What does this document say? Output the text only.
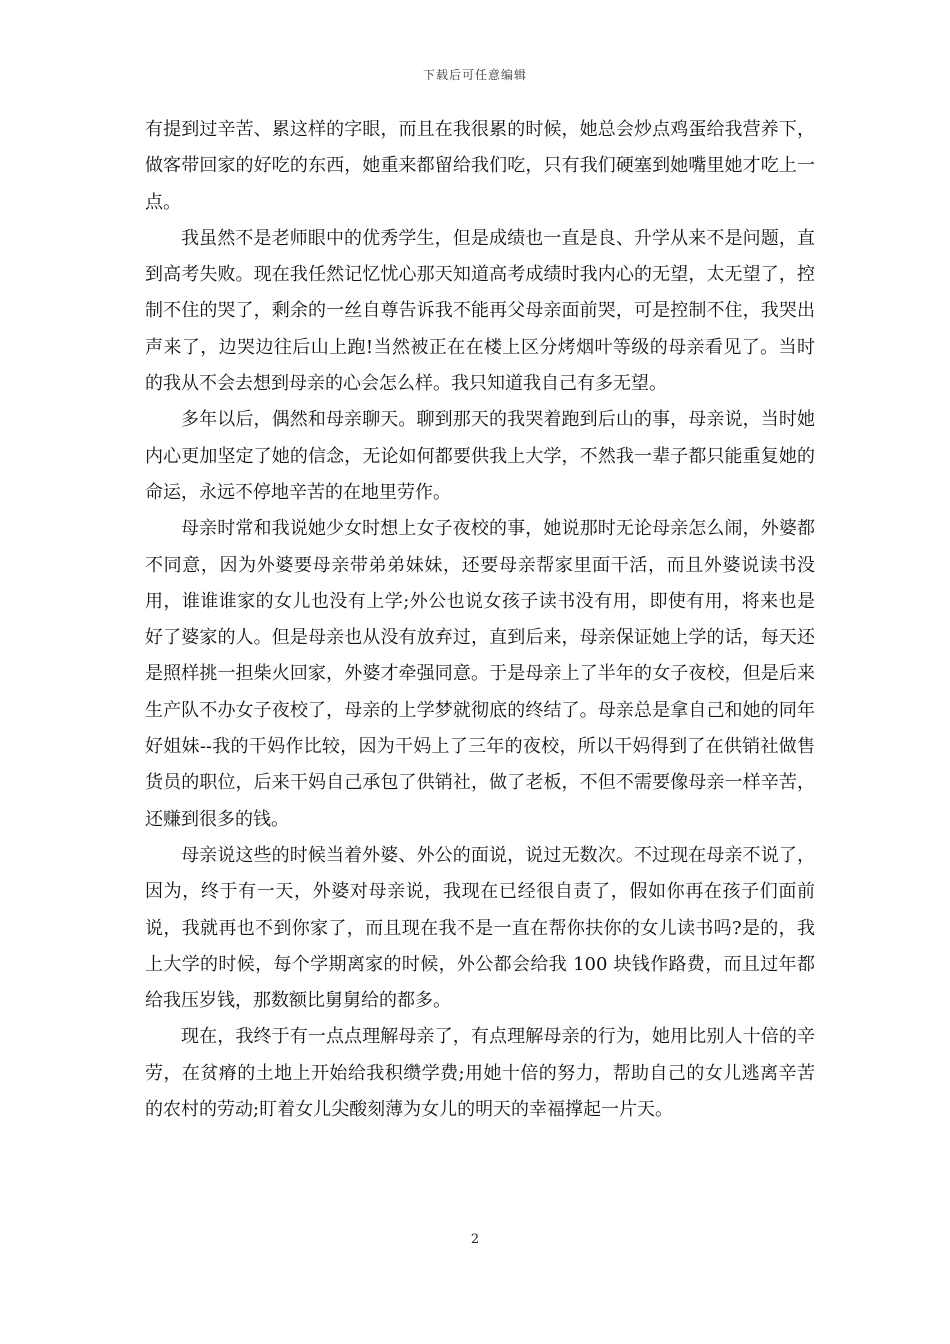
下载后可任意编辑

有提到过辛苦、累这样的字眼，而且在我很累的时候，她总会炒点鸡蛋给我营养下，做客带回家的好吃的东西，她重来都留给我们吃，只有我们硬塞到她嘴里她才吃上一点。

我虽然不是老师眼中的优秀学生，但是成绩也一直是良、升学从来不是问题，直到高考失败。现在我任然记忆忧心那天知道高考成绩时我内心的无望，太无望了，控制不住的哭了，剩余的一丝自尊告诉我不能再父母亲面前哭，可是控制不住，我哭出声来了，边哭边往后山上跑!当然被正在在楼上区分烤烟叶等级的母亲看见了。当时的我从不会去想到母亲的心会怎么样。我只知道我自己有多无望。

多年以后，偶然和母亲聊天。聊到那天的我哭着跑到后山的事，母亲说，当时她内心更加坚定了她的信念，无论如何都要供我上大学，不然我一辈子都只能重复她的命运，永远不停地辛苦的在地里劳作。

母亲时常和我说她少女时想上女子夜校的事，她说那时无论母亲怎么闹，外婆都不同意，因为外婆要母亲带弟弟妹妹，还要母亲帮家里面干活，而且外婆说读书没用，谁谁谁家的女儿也没有上学;外公也说女孩子读书没有用，即使有用，将来也是好了婆家的人。但是母亲也从没有放弃过，直到后来，母亲保证她上学的话，每天还是照样挑一担柴火回家，外婆才牵强同意。于是母亲上了半年的女子夜校，但是后来生产队不办女子夜校了，母亲的上学梦就彻底的终结了。母亲总是拿自己和她的同年好姐妹--我的干妈作比较，因为干妈上了三年的夜校，所以干妈得到了在供销社做售货员的职位，后来干妈自己承包了供销社，做了老板，不但不需要像母亲一样辛苦，还赚到很多的钱。

母亲说这些的时候当着外婆、外公的面说，说过无数次。不过现在母亲不说了，因为，终于有一天，外婆对母亲说，我现在已经很自责了，假如你再在孩子们面前说，我就再也不到你家了，而且现在我不是一直在帮你扶你的女儿读书吗?是的，我上大学的时候，每个学期离家的时候，外公都会给我 100 块钱作路费，而且过年都给我压岁钱，那数额比舅舅给的都多。

现在，我终于有一点点理解母亲了，有点理解母亲的行为，她用比别人十倍的辛劳，在贫瘠的土地上开始给我积缵学费;用她十倍的努力，帮助自己的女儿逃离辛苦的农村的劳动;盯着女儿尖酸刻薄为女儿的明天的幸福撑起一片天。

2
